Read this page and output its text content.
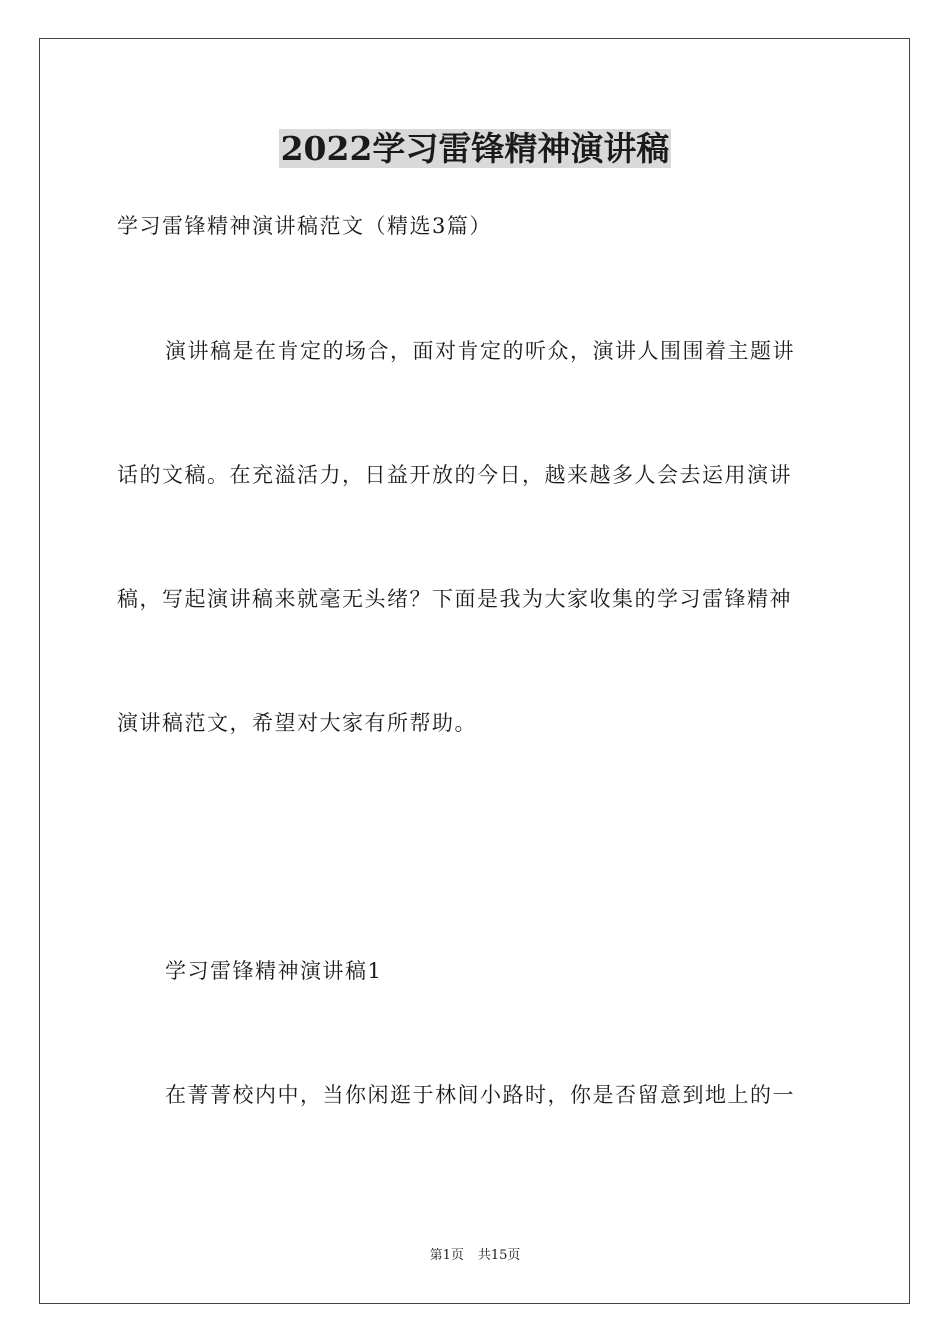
2022学习雷锋精神演讲稿
学习雷锋精神演讲稿范文（精选3篇）
演讲稿是在肯定的场合，面对肯定的听众，演讲人围围着主题讲
话的文稿。在充溢活力，日益开放的今日，越来越多人会去运用演讲
稿，写起演讲稿来就毫无头绪？下面是我为大家收集的学习雷锋精神
演讲稿范文，希望对大家有所帮助。
学习雷锋精神演讲稿1
在菁菁校内中，当你闲逛于林间小路时，你是否留意到地上的一
第1页 共15页
